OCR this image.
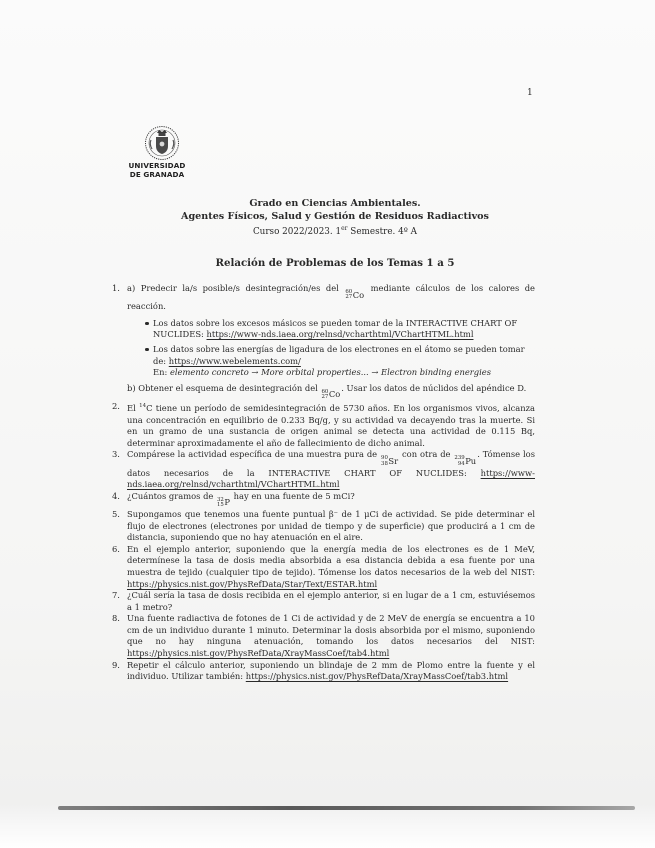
1
UNIVERSIDAD
DE GRANADA
Grado en Ciencias Ambientales.
Agentes Físicos, Salud y Gestión de Residuos Radiactivos
Curso 2022/2023. 1er Semestre. 4º A
Relación de Problemas de los Temas 1 a 5
1. a) Predecir la/s posible/s desintegración/es del 60
27 Co
mediante cálculos de los calores de reacción.
Los datos sobre los excesos másicos se pueden tomar de la INTERACTIVE CHART OF NUCLIDES: https://www-nds.iaea.org/relnsd/vcharthtml/VChartHTML.html
Los datos sobre las energías de ligadura de los electrones en el átomo se pueden tomar de: https://www.webelements.com/
En: elemento concreto → More orbital properties... → Electron binding energies
b) Obtener el esquema de desintegración del 60
27 Co
. Usar los datos de núclidos del apéndice D.
2. El $^{14}$C tiene un período de semidesintegración de 5730 años. En los organismos vivos, alcanza una concentración en equilibrio de 0.233 Bq/g, y su actividad va decayendo tras la muerte. Si en un gramo de una sustancia de origen animal se detecta una actividad de 0.115 Bq, determinar aproximadamente el año de fallecimiento de dicho animal.
3. Compárese la actividad específica de una muestra pura de 90
38 Sr
con otra de 239
94 Pu
. Tómense los datos necesarios de la INTERACTIVE CHART OF NUCLIDES: https://www-nds.iaea.org/relnsd/vcharthtml/VChartHTML.html
4. ¿Cuántos gramos de 32
15 P
hay en una fuente de 5 mCi?
5. Supongamos que tenemos una fuente puntual β⁻ de 1 μCi de actividad. Se pide determinar el flujo de electrones (electrones por unidad de tiempo y de superficie) que producirá a 1 cm de distancia, suponiendo que no hay atenuación en el aire.
6. En el ejemplo anterior, suponiendo que la energía media de los electrones es de 1 MeV, determínese la tasa de dosis media absorbida a esa distancia debida a esa fuente por una muestra de tejido (cualquier tipo de tejido). Tómense los datos necesarios de la web del NIST: https://physics.nist.gov/PhysRefData/Star/Text/ESTAR.html
7. ¿Cuál sería la tasa de dosis recibida en el ejemplo anterior, si en lugar de a 1 cm, estuviésemos a 1 metro?
8. Una fuente radiactiva de fotones de 1 Ci de actividad y de 2 MeV de energía se encuentra a 10 cm de un individuo durante 1 minuto. Determinar la dosis absorbida por el mismo, suponiendo que no hay ninguna atenuación, tomando los datos necesarios del NIST: https://physics.nist.gov/PhysRefData/XrayMassCoef/tab4.html
9. Repetir el cálculo anterior, suponiendo un blindaje de 2 mm de Plomo entre la fuente y el individuo. Utilizar también: https://physics.nist.gov/PhysRefData/XrayMassCoef/tab3.html
